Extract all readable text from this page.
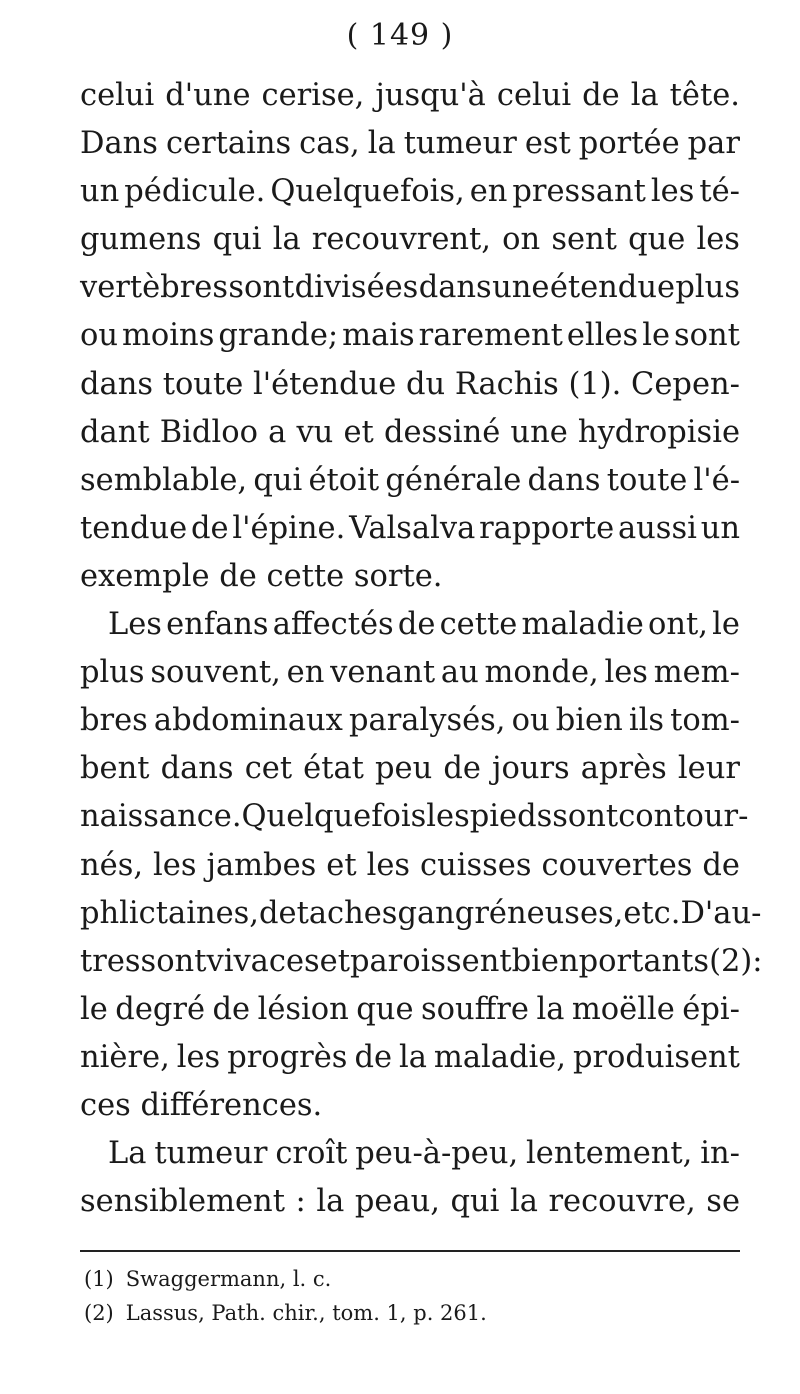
( 149 )
celui d'une cerise, jusqu'à celui de la tête.
Dans certains cas, la tumeur est portée par
un pédicule. Quelquefois, en pressant les té-
gumens qui la recouvrent, on sent que les
vertèbres sont divisées dans une étendue plus
ou moins grande; mais rarement elles le sont
dans toute l'étendue du Rachis (1). Cepen-
dant Bidloo a vu et dessiné une hydropisie
semblable, qui étoit générale dans toute l'é-
tendue de l'épine. Valsalva rapporte aussi un
exemple de cette sorte.
Les enfans affectés de cette maladie ont, le
plus souvent, en venant au monde, les mem-
bres abdominaux paralysés, ou bien ils tom-
bent dans cet état peu de jours après leur
naissance. Quelquefois les pieds sont contour-
nés, les jambes et les cuisses couvertes de
phlictaines, de taches gangréneuses, etc. D'au-
tres sont vivaces et paroissent bien portants (2):
le degré de lésion que souffre la moëlle épi-
nière, les progrès de la maladie, produisent
ces différences.
La tumeur croît peu-à-peu, lentement, in-
sensiblement : la peau, qui la recouvre, se
(1) Swaggermann, l. c.
(2) Lassus, Path. chir., tom. 1, p. 261.
